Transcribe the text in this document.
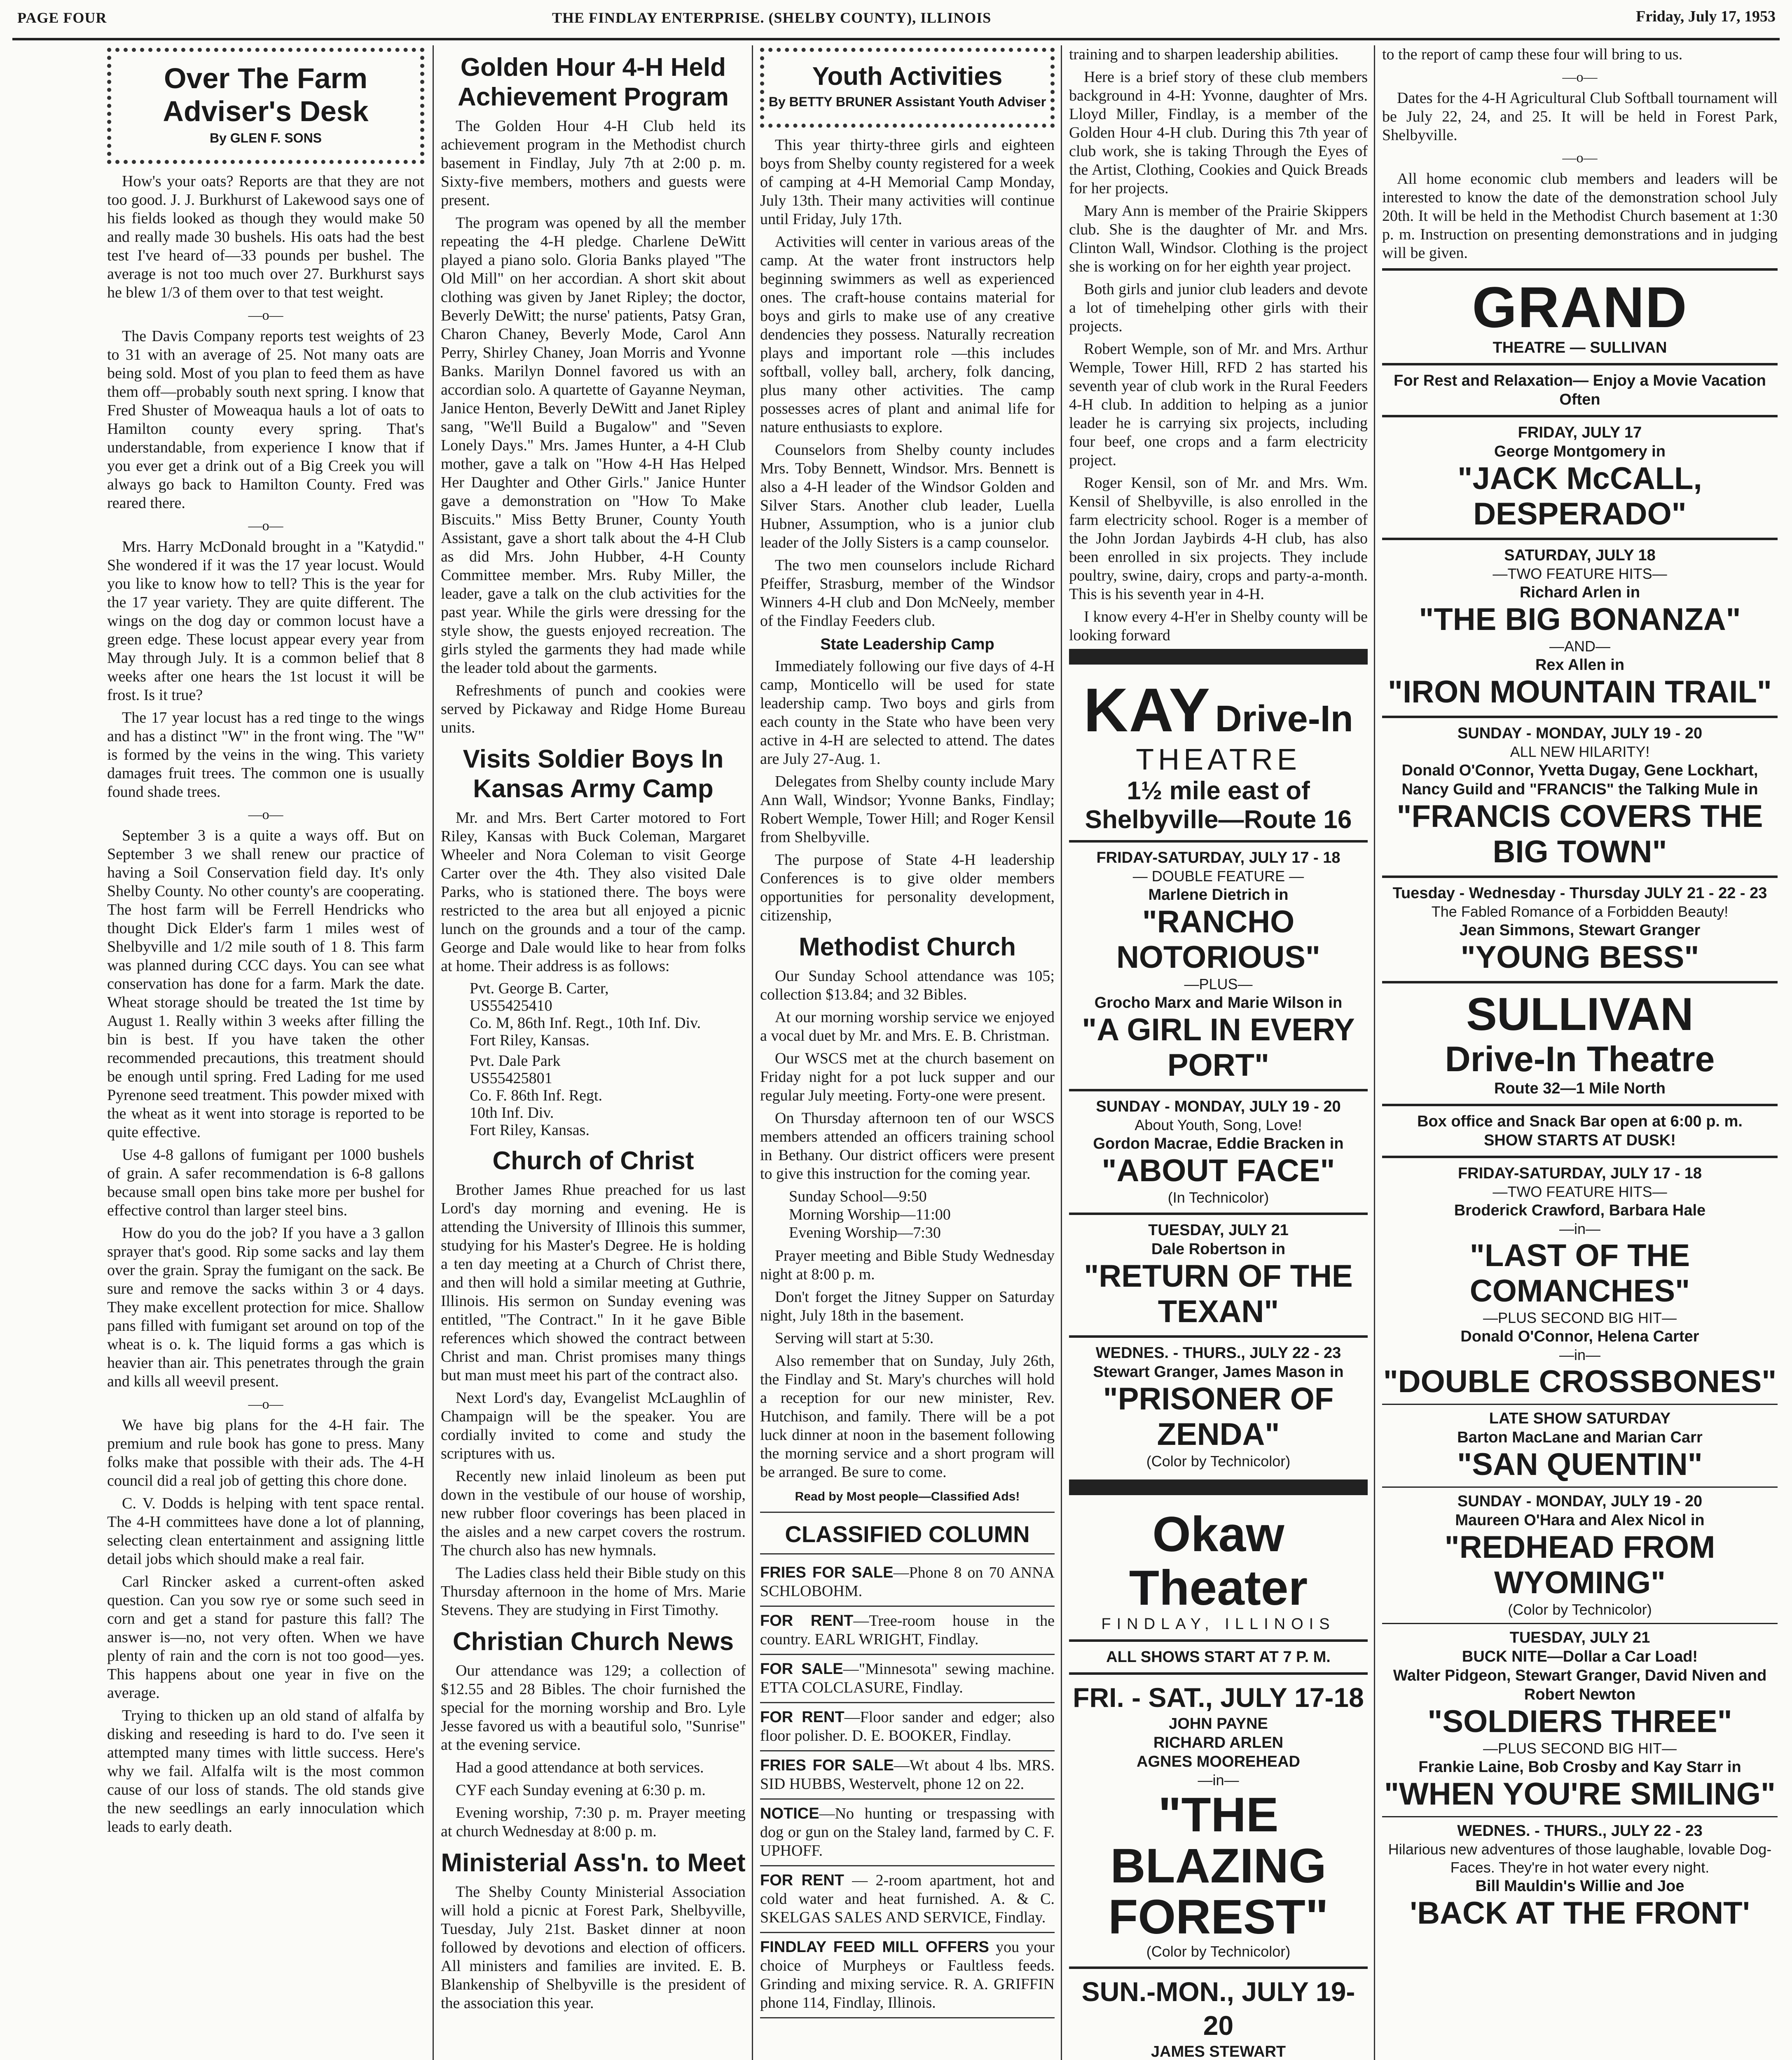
PAGE FOUR	THE FINDLAY ENTERPRISE. (SHELBY COUNTY), ILLINOIS	Friday, July 17, 1953
Over The Farm Adviser's Desk
By GLEN F. SONS

How's your oats? Reports are that they are not too good. J. J. Burkhurst of Lakewood says one of his fields looked as though they would make 50 and really made 30 bushels. His oats had the best test I've heard of—33 pounds per bushel. The average is not too much over 27. Burkhurst says he blew 1/3 of them over to that test weight.

—o—

The Davis Company reports test weights of 23 to 31 with an average of 25. Not many oats are being sold. Most of you plan to feed them as have them off—probably south next spring. I know that Fred Shuster of Moweaqua hauls a lot of oats to Hamilton county every spring. That's understandable, from experience I know that if you ever get a drink out of a Big Creek you will always go back to Hamilton County. Fred was reared there.

—o—

Mrs. Harry McDonald brought in a "Katydid." She wondered if it was the 17 year locust. Would you like to know how to tell? This is the year for the 17 year variety. They are quite different. The wings on the dog day or common locust have a green edge. These locust appear every year from May through July. It is a common belief that 8 weeks after one hears the 1st locust it will be frost. Is it true?

The 17 year locust has a red tinge to the wings and has a distinct "W" in the front wing. The "W" is formed by the veins in the wing. This variety damages fruit trees. The common one is usually found shade trees.

—o—

September 3 is a quite a ways off. But on September 3 we shall renew our practice of having a Soil Conservation field day. It's only Shelby County. No other county's are cooperating. The host farm will be Ferrell Hendricks who thought Dick Elder's farm 1 miles west of Shelbyville and 1/2 mile south of 1 8. This farm was planned during CCC days. You can see what conservation has done for a farm. Mark the date. Wheat storage should be treated the 1st time by August 1. Really within 3 weeks after filling the bin is best. If you have taken the other recommended precautions, this treatment should be enough until spring. Fred Lading for me used Pyrenone seed treatment. This powder mixed with the wheat as it went into storage is reported to be quite effective.

Use 4-8 gallons of fumigant per 1000 bushels of grain. A safer recommendation is 6-8 gallons because small open bins take more per bushel for effective control than larger steel bins.

How do you do the job? If you have a 3 gallon sprayer that's good. Rip some sacks and lay them over the grain. Spray the fumigant on the sack. Be sure and remove the sacks within 3 or 4 days. They make excellent protection for mice. Shallow pans filled with fumigant set around on top of the wheat is o. k. The liquid forms a gas which is heavier than air. This penetrates through the grain and kills all weevil present.

—o—

We have big plans for the 4-H fair. The premium and rule book has gone to press. Many folks make that possible with their ads. The 4-H council did a real job of getting this chore done.

C. V. Dodds is helping with tent space rental. The 4-H committees have done a lot of planning, selecting clean entertainment and assigning little detail jobs which should make a real fair.

Carl Rincker asked a current-often asked question. Can you sow rye or some such seed in corn and get a stand for pasture this fall? The answer is—no, not very often. When we have plenty of rain and the corn is not too good—yes. This happens about one year in five on the average.

Trying to thicken up an old stand of alfalfa by disking and reseeding is hard to do. I've seen it attempted many times with little success. Here's why we fail. Alfalfa wilt is the most common cause of our loss of stands. The old stands give the new seedlings an early innoculation which leads to early death.

Golden Hour 4-H Held Achievement Program

The Golden Hour 4-H Club held its achievement program in the Methodist church basement in Findlay, July 7th at 2:00 p. m. Sixty-five members, mothers and guests were present.

The program was opened by all the member repeating the 4-H pledge. Charlene DeWitt played a piano solo. Gloria Banks played "The Old Mill" on her accordian. A short skit about clothing was given by Janet Ripley; the doctor, Beverly DeWitt; the nurse' patients, Patsy Gran, Charon Chaney, Beverly Mode, Carol Ann Perry, Shirley Chaney, Joan Morris and Yvonne Banks. Marilyn Donnel favored us with an accordian solo. A quartette of Gayanne Neyman, Janice Henton, Beverly DeWitt and Janet Ripley sang, "We'll Build a Bugalow" and "Seven Lonely Days." Mrs. James Hunter, a 4-H Club mother, gave a talk on "How 4-H Has Helped Her Daughter and Other Girls." Janice Hunter gave a demonstration on "How To Make Biscuits." Miss Betty Bruner, County Youth Assistant, gave a short talk about the 4-H Club as did Mrs. John Hubber, 4-H County Committee member. Mrs. Ruby Miller, the leader, gave a talk on the club activities for the past year. While the girls were dressing for the style show, the guests enjoyed recreation. The girls styled the garments they had made while the leader told about the garments.

Refreshments of punch and cookies were served by Pickaway and Ridge Home Bureau units.

Visits Soldier Boys In Kansas Army Camp

Mr. and Mrs. Bert Carter motored to Fort Riley, Kansas with Buck Coleman, Margaret Wheeler and Nora Coleman to visit George Carter over the 4th. They also visited Dale Parks, who is stationed there. The boys were restricted to the area but all enjoyed a picnic lunch on the grounds and a tour of the camp. George and Dale would like to hear from folks at home. Their address is as follows:

Pvt. George B. Carter,
US55425410
Co. M, 86th Inf. Regt., 10th Inf. Div.
Fort Riley, Kansas.
Pvt. Dale Park
US55425801
Co. F. 86th Inf. Regt.
10th Inf. Div.
Fort Riley, Kansas.
Church of Christ

Brother James Rhue preached for us last Lord's day morning and evening. He is attending the University of Illinois this summer, studying for his Master's Degree. He is holding a ten day meeting at a Church of Christ there, and then will hold a similar meeting at Guthrie, Illinois. His sermon on Sunday evening was entitled, "The Contract." In it he gave Bible references which showed the contract between Christ and man. Christ promises many things but man must meet his part of the contract also.

Next Lord's day, Evangelist McLaughlin of Champaign will be the speaker. You are cordially invited to come and study the scriptures with us.

Recently new inlaid linoleum as been put down in the vestibule of our house of worship, new rubber floor coverings has been placed in the aisles and a new carpet covers the rostrum. The church also has new hymnals.

The Ladies class held their Bible study on this Thursday afternoon in the home of Mrs. Marie Stevens. They are studying in First Timothy.

Christian Church News

Our attendance was 129; a collection of $12.55 and 28 Bibles. The choir furnished the special for the morning worship and Bro. Lyle Jesse favored us with a beautiful solo, "Sunrise" at the evening service.

Had a good attendance at both services.

CYF each Sunday evening at 6:30 p. m.

Evening worship, 7:30 p. m. Prayer meeting at church Wednesday at 8:00 p. m.

Ministerial Ass'n. to Meet

The Shelby County Ministerial Association will hold a picnic at Forest Park, Shelbyville, Tuesday, July 21st. Basket dinner at noon followed by devotions and election of officers. All ministers and families are invited. E. B. Blankenship of Shelbyville is the president of the association this year.

Youth Activities
By BETTY BRUNER Assistant Youth Adviser

This year thirty-three girls and eighteen boys from Shelby county registered for a week of camping at 4-H Memorial Camp Monday, July 13th. Their many activities will continue until Friday, July 17th.

Activities will center in various areas of the camp. At the water front instructors help beginning swimmers as well as experienced ones. The craft-house contains material for boys and girls to make use of any creative dendencies they possess. Naturally recreation plays and important role —this includes softball, volley ball, archery, folk dancing, plus many other activities. The camp possesses acres of plant and animal life for nature enthusiasts to explore.

Counselors from Shelby county includes Mrs. Toby Bennett, Windsor. Mrs. Bennett is also a 4-H leader of the Windsor Golden and Silver Stars. Another club leader, Luella Hubner, Assumption, who is a junior club leader of the Jolly Sisters is a camp counselor.

The two men counselors include Richard Pfeiffer, Strasburg, member of the Windsor Winners 4-H club and Don McNeely, member of the Findlay Feeders club.

State Leadership Camp

Immediately following our five days of 4-H camp, Monticello will be used for state leadership camp. Two boys and girls from each county in the State who have been very active in 4-H are selected to attend. The dates are July 27-Aug. 1.

Delegates from Shelby county include Mary Ann Wall, Windsor; Yvonne Banks, Findlay; Robert Wemple, Tower Hill; and Roger Kensil from Shelbyville.

The purpose of State 4-H leadership Conferences is to give older members opportunities for personality development, citizenship,

Methodist Church

Our Sunday School attendance was 105; collection $13.84; and 32 Bibles.

At our morning worship service we enjoyed a vocal duet by Mr. and Mrs. E. B. Christman.

Our WSCS met at the church basement on Friday night for a pot luck supper and our regular July meeting. Forty-one were present.

On Thursday afternoon ten of our WSCS members attended an officers training school in Bethany. Our district officers were present to give this instruction for the coming year.

Sunday School—9:50
Morning Worship—11:00
Evening Worship—7:30

Prayer meeting and Bible Study Wednesday night at 8:00 p. m.

Don't forget the Jitney Supper on Saturday night, July 18th in the basement.

Serving will start at 5:30.

Also remember that on Sunday, July 26th, the Findlay and St. Mary's churches will hold a reception for our new minister, Rev. Hutchison, and family. There will be a pot luck dinner at noon in the basement following the morning service and a short program will be arranged. Be sure to come.

Read by Most people—Classified Ads!
CLASSIFIED COLUMN
FRIES FOR SALE—Phone 8 on 70 ANNA SCHLOBOHM.
FOR RENT—Tree-room house in the country. EARL WRIGHT, Findlay.
FOR SALE—"Minnesota" sewing machine. ETTA COLCLASURE, Findlay.
FOR RENT—Floor sander and edger; also floor polisher. D. E. BOOKER, Findlay.
FRIES FOR SALE—Wt about 4 lbs. MRS. SID HUBBS, Westervelt, phone 12 on 22.
NOTICE—No hunting or trespassing with dog or gun on the Staley land, farmed by C. F. UPHOFF.
FOR RENT — 2-room apartment, hot and cold water and heat furnished. A. & C. SKELGAS SALES AND SERVICE, Findlay.
FINDLAY FEED MILL OFFERS you your choice of Murpheys or Faultless feeds. Grinding and mixing service. R. A. GRIFFIN phone 114, Findlay, Illinois.

training and to sharpen leadership abilities.

Here is a brief story of these club members background in 4-H: Yvonne, daughter of Mrs. Lloyd Miller, Findlay, is a member of the Golden Hour 4-H club. During this 7th year of club work, she is taking Through the Eyes of the Artist, Clothing, Cookies and Quick Breads for her projects.

Mary Ann is member of the Prairie Skippers club. She is the daughter of Mr. and Mrs. Clinton Wall, Windsor. Clothing is the project she is working on for her eighth year project.

Both girls and junior club leaders and devote a lot of timehelping other girls with their projects.

Robert Wemple, son of Mr. and Mrs. Arthur Wemple, Tower Hill, RFD 2 has started his seventh year of club work in the Rural Feeders 4-H club. In addition to helping as a junior leader he is carrying six projects, including four beef, one crops and a farm electricity project.

Roger Kensil, son of Mr. and Mrs. Wm. Kensil of Shelbyville, is also enrolled in the farm electricity school. Roger is a member of the John Jordan Jaybirds 4-H club, has also been enrolled in six projects. They include poultry, swine, dairy, crops and party-a-month. This is his seventh year in 4-H.

I know every 4-H'er in Shelby county will be looking forward

KAY Drive-In
THEATRE
1½ mile east of
Shelbyville—Route 16
FRIDAY-SATURDAY, JULY 17 - 18
— DOUBLE FEATURE —
Marlene Dietrich in
"RANCHO NOTORIOUS"
—PLUS—
Grocho Marx and Marie Wilson in
"A GIRL IN EVERY PORT"
SUNDAY - MONDAY, JULY 19 - 20
About Youth, Song, Love!
Gordon Macrae, Eddie Bracken in
"ABOUT FACE"
(In Technicolor)
TUESDAY, JULY 21
Dale Robertson in
"RETURN OF THE TEXAN"
WEDNES. - THURS., JULY 22 - 23
Stewart Granger, James Mason in
"PRISONER OF ZENDA"
(Color by Technicolor)
Okaw Theater
FINDLAY, ILLINOIS
ALL SHOWS START AT 7 P. M.
FRI. - SAT., JULY 17-18
JOHN PAYNE
RICHARD ARLEN
AGNES MOOREHEAD
—in—
"THE BLAZING FOREST"
(Color by Technicolor)
SUN.-MON., JULY 19-20
JAMES STEWART

to the report of camp these four will bring to us.

—o—

Dates for the 4-H Agricultural Club Softball tournament will be July 22, 24, and 25. It will be held in Forest Park, Shelbyville.

—o—

All home economic club members and leaders will be interested to know the date of the demonstration school July 20th. It will be held in the Methodist Church basement at 1:30 p. m. Instruction on presenting demonstrations and in judging will be given.

GRAND
THEATRE — SULLIVAN
For Rest and Relaxation— Enjoy a Movie Vacation Often
FRIDAY, JULY 17
George Montgomery in
"JACK McCALL, DESPERADO"
SATURDAY, JULY 18
—TWO FEATURE HITS—
Richard Arlen in
"THE BIG BONANZA"
—AND—
Rex Allen in
"IRON MOUNTAIN TRAIL"
SUNDAY - MONDAY, JULY 19 - 20
ALL NEW HILARITY!
Donald O'Connor, Yvetta Dugay, Gene Lockhart, Nancy Guild and "FRANCIS" the Talking Mule in
"FRANCIS COVERS THE BIG TOWN"
Tuesday - Wednesday - Thursday JULY 21 - 22 - 23
The Fabled Romance of a Forbidden Beauty!
Jean Simmons, Stewart Granger
"YOUNG BESS"
SULLIVAN
Drive-In Theatre
Route 32—1 Mile North
Box office and Snack Bar open at 6:00 p. m.
SHOW STARTS AT DUSK!
FRIDAY-SATURDAY, JULY 17 - 18
—TWO FEATURE HITS—
Broderick Crawford, Barbara Hale
—in—
"LAST OF THE COMANCHES"
—PLUS SECOND BIG HIT—
Donald O'Connor, Helena Carter
—in—
"DOUBLE CROSSBONES"
LATE SHOW SATURDAY
Barton MacLane and Marian Carr
"SAN QUENTIN"
SUNDAY - MONDAY, JULY 19 - 20
Maureen O'Hara and Alex Nicol in
"REDHEAD FROM WYOMING"
(Color by Technicolor)
TUESDAY, JULY 21
BUCK NITE—Dollar a Car Load!
Walter Pidgeon, Stewart Granger, David Niven and Robert Newton
"SOLDIERS THREE"
—PLUS SECOND BIG HIT—
Frankie Laine, Bob Crosby and Kay Starr in
"WHEN YOU'RE SMILING"
WEDNES. - THURS., JULY 22 - 23
Hilarious new adventures of those laughable, lovable Dog-Faces. They're in hot water every night.
Bill Mauldin's Willie and Joe
'BACK AT THE FRONT'
